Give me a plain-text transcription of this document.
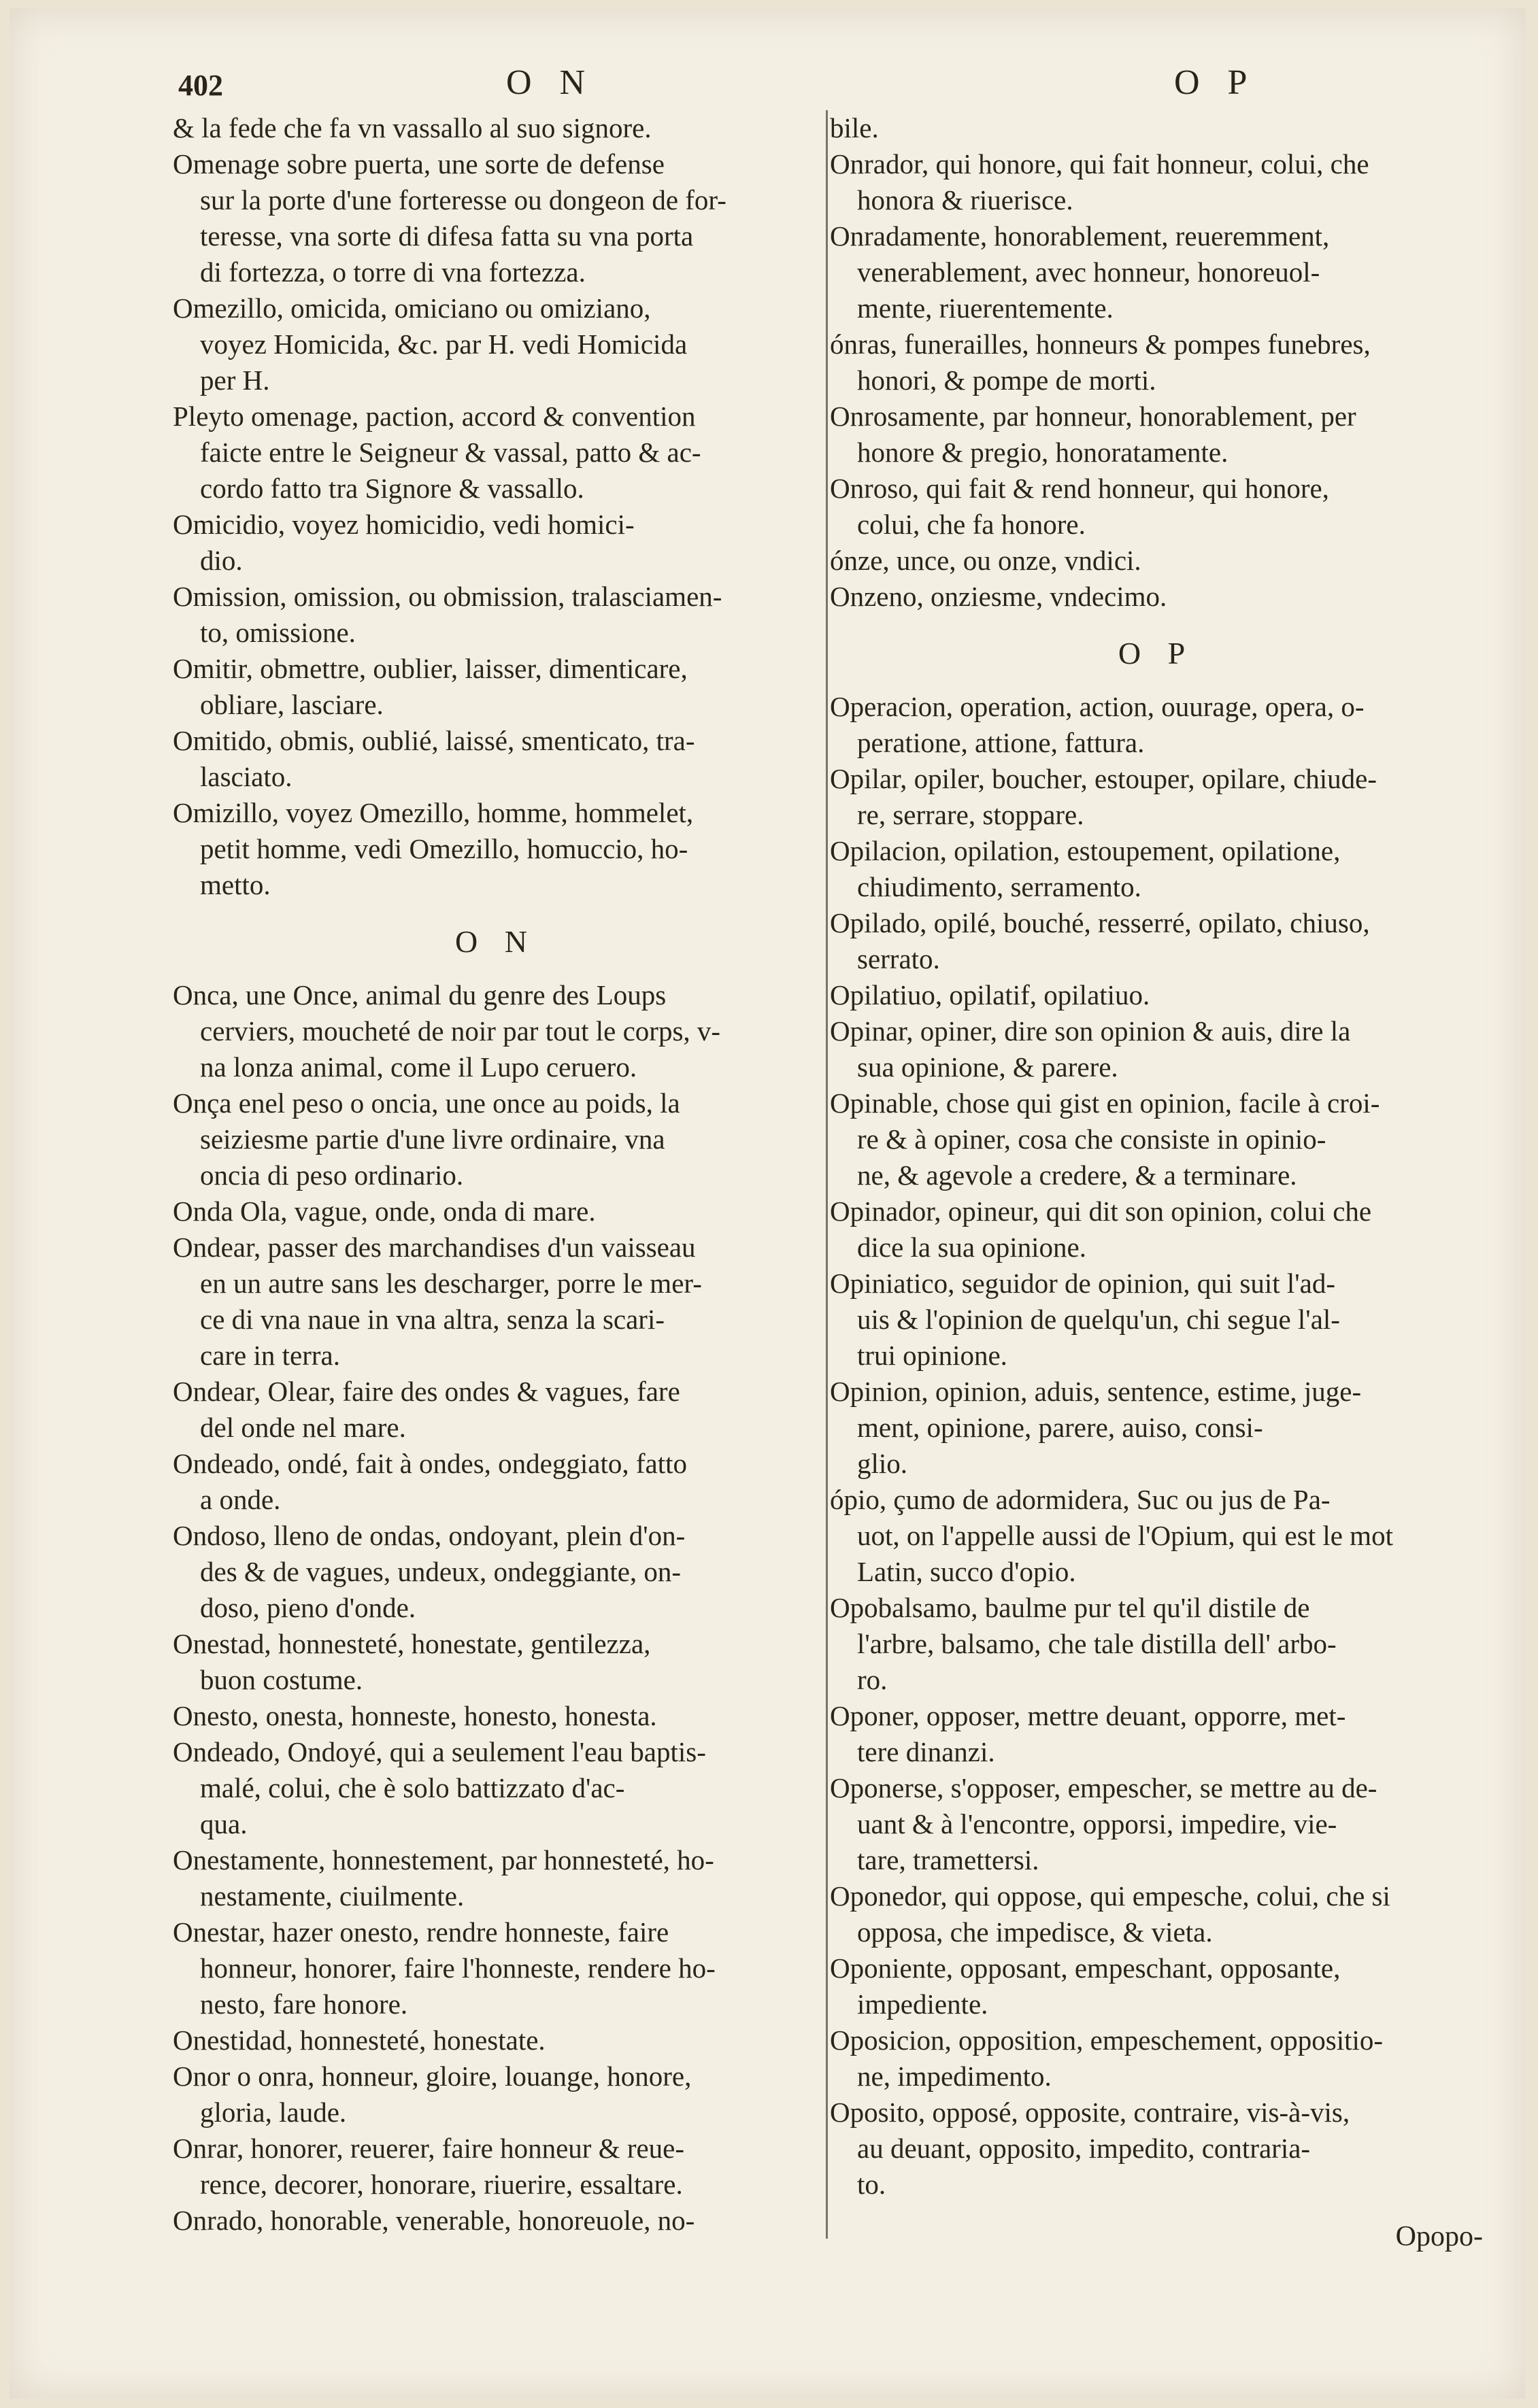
402	O N	O P
& la fede che fa vn vassallo al suo signore.
Omenage sobre puerta, une sorte de defense
sur la porte d'une forteresse ou dongeon de for-
teresse, vna sorte di difesa fatta su vna porta
di fortezza, o torre di vna fortezza.
Omezillo, omicida, omiciano ou omiziano,
voyez Homicida, &c. par H. vedi Homicida
per H.
Pleyto omenage, paction, accord & convention
faicte entre le Seigneur & vassal, patto & ac-
cordo fatto tra Signore & vassallo.
Omicidio, voyez homicidio, vedi homici-
dio.
Omission, omission, ou obmission, tralasciamen-
to, omissione.
Omitir, obmettre, oublier, laisser, dimenticare,
obliare, lasciare.
Omitido, obmis, oublié, laissé, smenticato, tra-
lasciato.
Omizillo, voyez Omezillo, homme, hommelet,
petit homme, vedi Omezillo, homuccio, ho-
metto.
O N
Onca, une Once, animal du genre des Loups
cerviers, moucheté de noir par tout le corps, v-
na lonza animal, come il Lupo ceruero.
Onça enel peso o oncia, une once au poids, la
seiziesme partie d'une livre ordinaire, vna
oncia di peso ordinario.
Onda Ola, vague, onde, onda di mare.
Ondear, passer des marchandises d'un vaisseau
en un autre sans les descharger, porre le mer-
ce di vna naue in vna altra, senza la scari-
care in terra.
Ondear, Olear, faire des ondes & vagues, fare
del onde nel mare.
Ondeado, ondé, fait à ondes, ondeggiato, fatto
a onde.
Ondoso, lleno de ondas, ondoyant, plein d'on-
des & de vagues, undeux, ondeggiante, on-
doso, pieno d'onde.
Onestad, honnesteté, honestate, gentilezza,
buon costume.
Onesto, onesta, honneste, honesto, honesta.
Ondeado, Ondoyé, qui a seulement l'eau baptis-
malé, colui, che è solo battizzato d'ac-
qua.
Onestamente, honnestement, par honnesteté, ho-
nestamente, ciuilmente.
Onestar, hazer onesto, rendre honneste, faire
honneur, honorer, faire l'honneste, rendere ho-
nesto, fare honore.
Onestidad, honnesteté, honestate.
Onor o onra, honneur, gloire, louange, honore,
gloria, laude.
Onrar, honorer, reuerer, faire honneur & reue-
rence, decorer, honorare, riuerire, essaltare.
Onrado, honorable, venerable, honoreuole, no-
bile.
Onrador, qui honore, qui fait honneur, colui, che
honora & riuerisce.
Onradamente, honorablement, reueremment,
venerablement, avec honneur, honoreuol-
mente, riuerentemente.
ónras, funerailles, honneurs & pompes funebres,
honori, & pompe de morti.
Onrosamente, par honneur, honorablement, per
honore & pregio, honoratamente.
Onroso, qui fait & rend honneur, qui honore,
colui, che fa honore.
ónze, unce, ou onze, vndici.
Onzeno, onziesme, vndecimo.
O P
Operacion, operation, action, ouurage, opera, o-
peratione, attione, fattura.
Opilar, opiler, boucher, estouper, opilare, chiude-
re, serrare, stoppare.
Opilacion, opilation, estoupement, opilatione,
chiudimento, serramento.
Opilado, opilé, bouché, resserré, opilato, chiuso,
serrato.
Opilatiuo, opilatif, opilatiuo.
Opinar, opiner, dire son opinion & auis, dire la
sua opinione, & parere.
Opinable, chose qui gist en opinion, facile à croi-
re & à opiner, cosa che consiste in opinio-
ne, & agevole a credere, & a terminare.
Opinador, opineur, qui dit son opinion, colui che
dice la sua opinione.
Opiniatico, seguidor de opinion, qui suit l'ad-
uis & l'opinion de quelqu'un, chi segue l'al-
trui opinione.
Opinion, opinion, aduis, sentence, estime, juge-
ment, opinione, parere, auiso, consi-
glio.
ópio, çumo de adormidera, Suc ou jus de Pa-
uot, on l'appelle aussi de l'Opium, qui est le mot
Latin, succo d'opio.
Opobalsamo, baulme pur tel qu'il distile de
l'arbre, balsamo, che tale distilla dell' arbo-
ro.
Oponer, opposer, mettre deuant, opporre, met-
tere dinanzi.
Oponerse, s'opposer, empescher, se mettre au de-
uant & à l'encontre, opporsi, impedire, vie-
tare, tramettersi.
Oponedor, qui oppose, qui empesche, colui, che si
opposa, che impedisce, & vieta.
Oponiente, opposant, empeschant, opposante,
impediente.
Oposicion, opposition, empeschement, oppositio-
ne, impedimento.
Oposito, opposé, opposite, contraire, vis-à-vis,
au deuant, opposito, impedito, contraria-
to.
Opopo-
